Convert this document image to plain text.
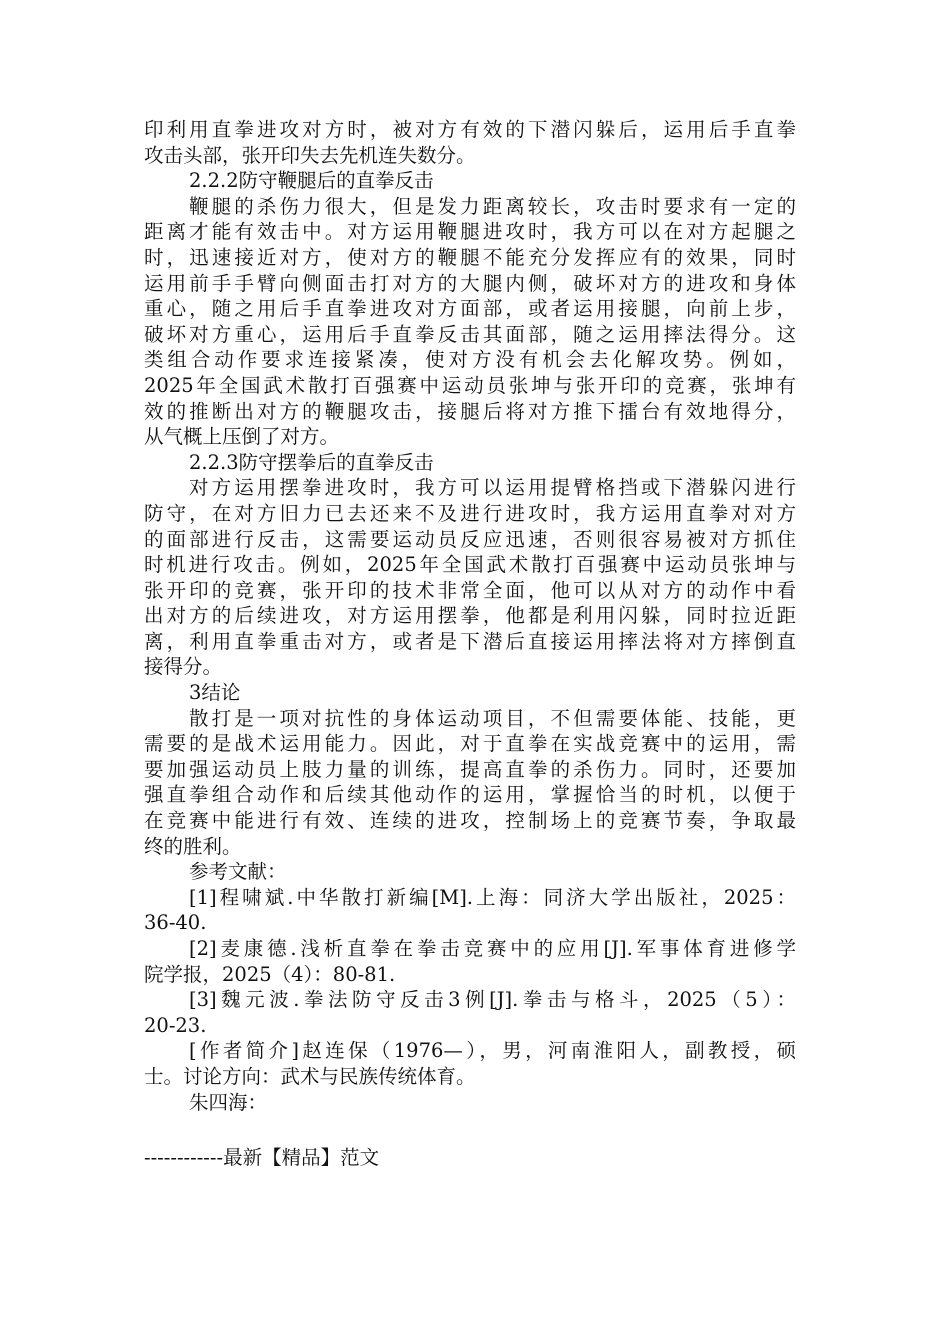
印利用直拳进攻对方时，被对方有效的下潜闪躲后，运用后手直拳
攻击头部，张开印失去先机连失数分。
2.2.2防守鞭腿后的直拳反击
鞭腿的杀伤力很大，但是发力距离较长，攻击时要求有一定的
距离才能有效击中。对方运用鞭腿进攻时，我方可以在对方起腿之
时，迅速接近对方，使对方的鞭腿不能充分发挥应有的效果，同时
运用前手手臂向侧面击打对方的大腿内侧，破坏对方的进攻和身体
重心，随之用后手直拳进攻对方面部，或者运用接腿，向前上步，
破坏对方重心，运用后手直拳反击其面部，随之运用摔法得分。这
类组合动作要求连接紧凑，使对方没有机会去化解攻势。例如，
2025年全国武术散打百强赛中运动员张坤与张开印的竞赛，张坤有
效的推断出对方的鞭腿攻击，接腿后将对方推下擂台有效地得分，
从气概上压倒了对方。
2.2.3防守摆拳后的直拳反击
对方运用摆拳进攻时，我方可以运用提臂格挡或下潜躲闪进行
防守，在对方旧力已去还来不及进行进攻时，我方运用直拳对对方
的面部进行反击，这需要运动员反应迅速，否则很容易被对方抓住
时机进行攻击。例如，2025年全国武术散打百强赛中运动员张坤与
张开印的竞赛，张开印的技术非常全面，他可以从对方的动作中看
出对方的后续进攻，对方运用摆拳，他都是利用闪躲，同时拉近距
离，利用直拳重击对方，或者是下潜后直接运用摔法将对方摔倒直
接得分。
3结论
散打是一项对抗性的身体运动项目，不但需要体能、技能，更
需要的是战术运用能力。因此，对于直拳在实战竞赛中的运用，需
要加强运动员上肢力量的训练，提高直拳的杀伤力。同时，还要加
强直拳组合动作和后续其他动作的运用，掌握恰当的时机，以便于
在竞赛中能进行有效、连续的进攻，控制场上的竞赛节奏，争取最
终的胜利。
参考文献：
[1]程啸斌.中华散打新编[M].上海：同济大学出版社，2025：
36-40.
[2]麦康德.浅析直拳在拳击竞赛中的应用[J].军事体育进修学
院学报，2025（4）：80-81.
[3]魏元波.拳法防守反击3例[J].拳击与格斗，2025（5）：
20-23.
[作者简介]赵连保（1976—），男，河南淮阳人，副教授，硕
士。讨论方向：武术与民族传统体育。
朱四海：
------------最新【精品】范文
